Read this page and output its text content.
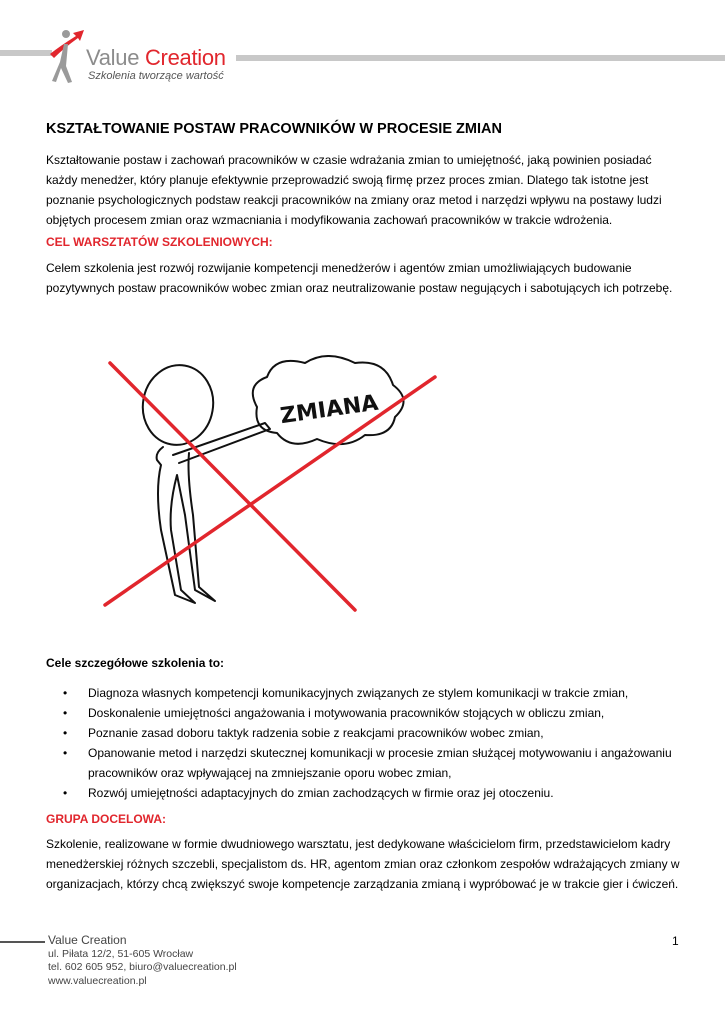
Value Creation
Szkolenia tworzące wartość
KSZTAŁTOWANIE POSTAW PRACOWNIKÓW W PROCESIE ZMIAN

Kształtowanie postaw i zachowań pracowników w czasie wdrażania zmian to umiejętność, jaką powinien posiadać każdy menedżer, który planuje efektywnie przeprowadzić swoją firmę przez proces zmian. Dlatego tak istotne jest poznanie psychologicznych podstaw reakcji pracowników na zmiany oraz metod i narzędzi wpływu na postawy ludzi objętych procesem zmian oraz wzmacniania i modyfikowania zachowań pracowników w trakcie wdrożenia.

CEL WARSZTATÓW SZKOLENIOWYCH:

Celem szkolenia jest rozwój rozwijanie kompetencji menedżerów i agentów zmian umożliwiających budowanie pozytywnych postaw pracowników wobec zmian oraz neutralizowanie postaw negujących i sabotujących ich potrzebę.

ZMIANA
Cele szczegółowe szkolenia to:
• Diagnoza własnych kompetencji komunikacyjnych związanych ze stylem komunikacji w trakcie zmian,
• Doskonalenie umiejętności angażowania i motywowania pracowników stojących w obliczu zmian,
• Poznanie zasad doboru taktyk radzenia sobie z reakcjami pracowników wobec zmian,
• Opanowanie metod i narzędzi skutecznej komunikacji w procesie zmian służącej motywowaniu i angażowaniu pracowników oraz wpływającej na zmniejszanie oporu wobec zmian,
• Rozwój umiejętności adaptacyjnych do zmian zachodzących w firmie oraz jej otoczeniu.

GRUPA DOCELOWA:

Szkolenie, realizowane w formie dwudniowego warsztatu, jest dedykowane właścicielom firm, przedstawicielom kadry menedżerskiej różnych szczebli, specjalistom ds. HR, agentom zmian oraz członkom zespołów wdrażających zmiany w organizacjach, którzy chcą zwiększyć swoje kompetencje zarządzania zmianą i wypróbować je w trakcie gier i ćwiczeń.

Value Creation
ul. Piłata 12/2, 51-605 Wrocław
tel. 602 605 952, biuro@valuecreation.pl
www.valuecreation.pl
1
